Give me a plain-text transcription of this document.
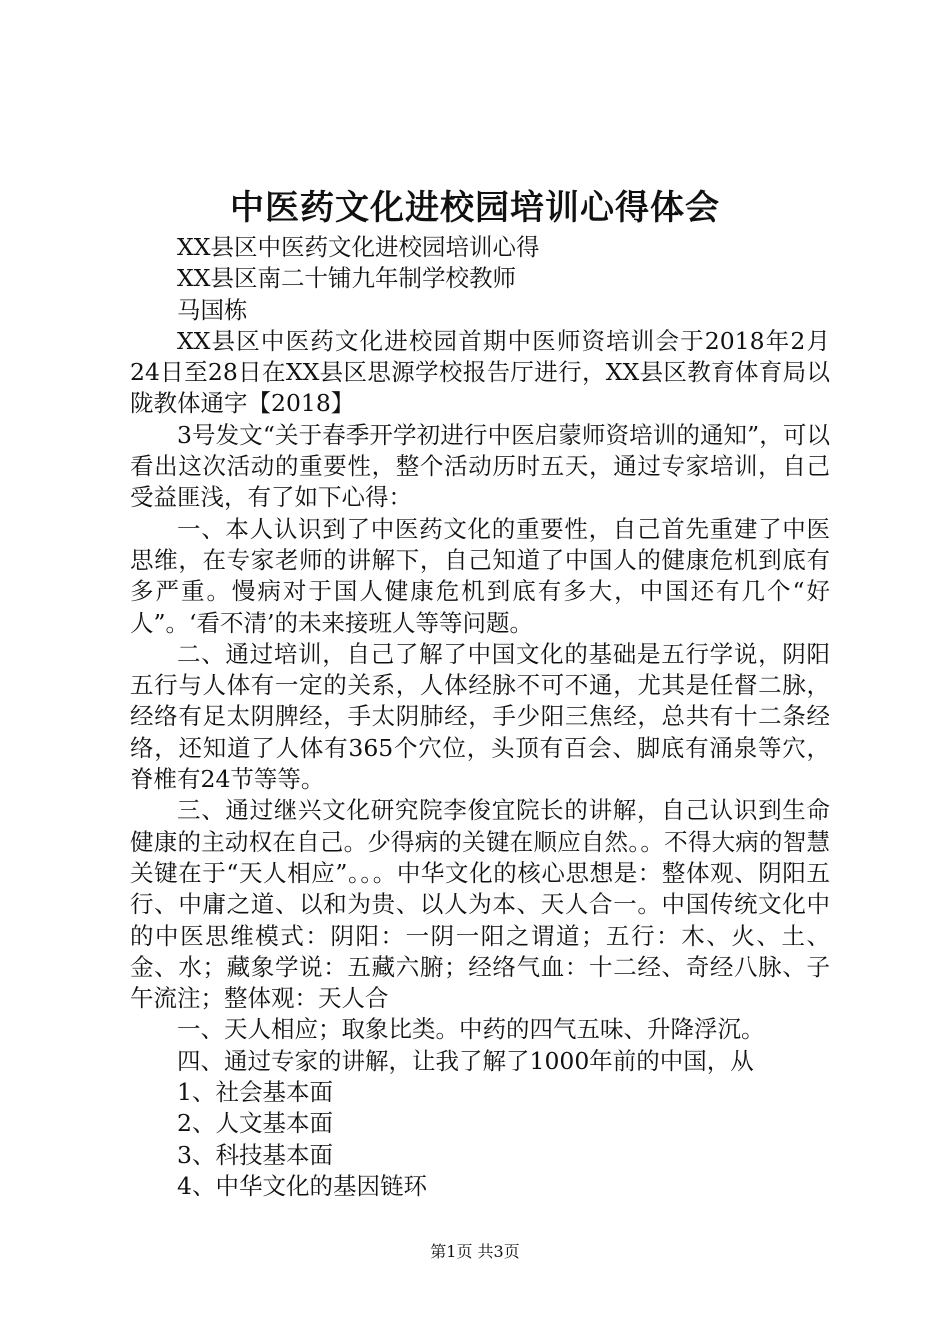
中医药文化进校园培训心得体会

XX县区中医药文化进校园培训心得

XX县区南二十铺九年制学校教师

马国栋

XX县区中医药文化进校园首期中医师资培训会于2018年2月24日至28日在XX县区思源学校报告厅进行，XX县区教育体育局以陇教体通字【2018】

3号发文“关于春季开学初进行中医启蒙师资培训的通知”，可以看出这次活动的重要性，整个活动历时五天，通过专家培训，自己受益匪浅，有了如下心得：

一、本人认识到了中医药文化的重要性，自己首先重建了中医思维，在专家老师的讲解下，自己知道了中国人的健康危机到底有多严重。慢病对于国人健康危机到底有多大，中国还有几个“好人”。‘看不清’的未来接班人等等问题。

二、通过培训，自己了解了中国文化的基础是五行学说，阴阳五行与人体有一定的关系，人体经脉不可不通，尤其是任督二脉，经络有足太阴脾经，手太阴肺经，手少阳三焦经，总共有十二条经络，还知道了人体有365个穴位，头顶有百会、脚底有涌泉等穴，脊椎有24节等等。

三、通过继兴文化研究院李俊宜院长的讲解，自己认识到生命健康的主动权在自己。少得病的关键在顺应自然。。不得大病的智慧关键在于“天人相应”。。。中华文化的核心思想是：整体观、阴阳五行、中庸之道、以和为贵、以人为本、天人合一。中国传统文化中的中医思维模式：阴阳：一阴一阳之谓道；五行：木、火、土、金、水；藏象学说：五藏六腑；经络气血：十二经、奇经八脉、子午流注；整体观：天人合

一、天人相应；取象比类。中药的四气五味、升降浮沉。

四、通过专家的讲解，让我了解了1000年前的中国，从

1、社会基本面

2、人文基本面

3、科技基本面

4、中华文化的基因链环

第1页 共3页
